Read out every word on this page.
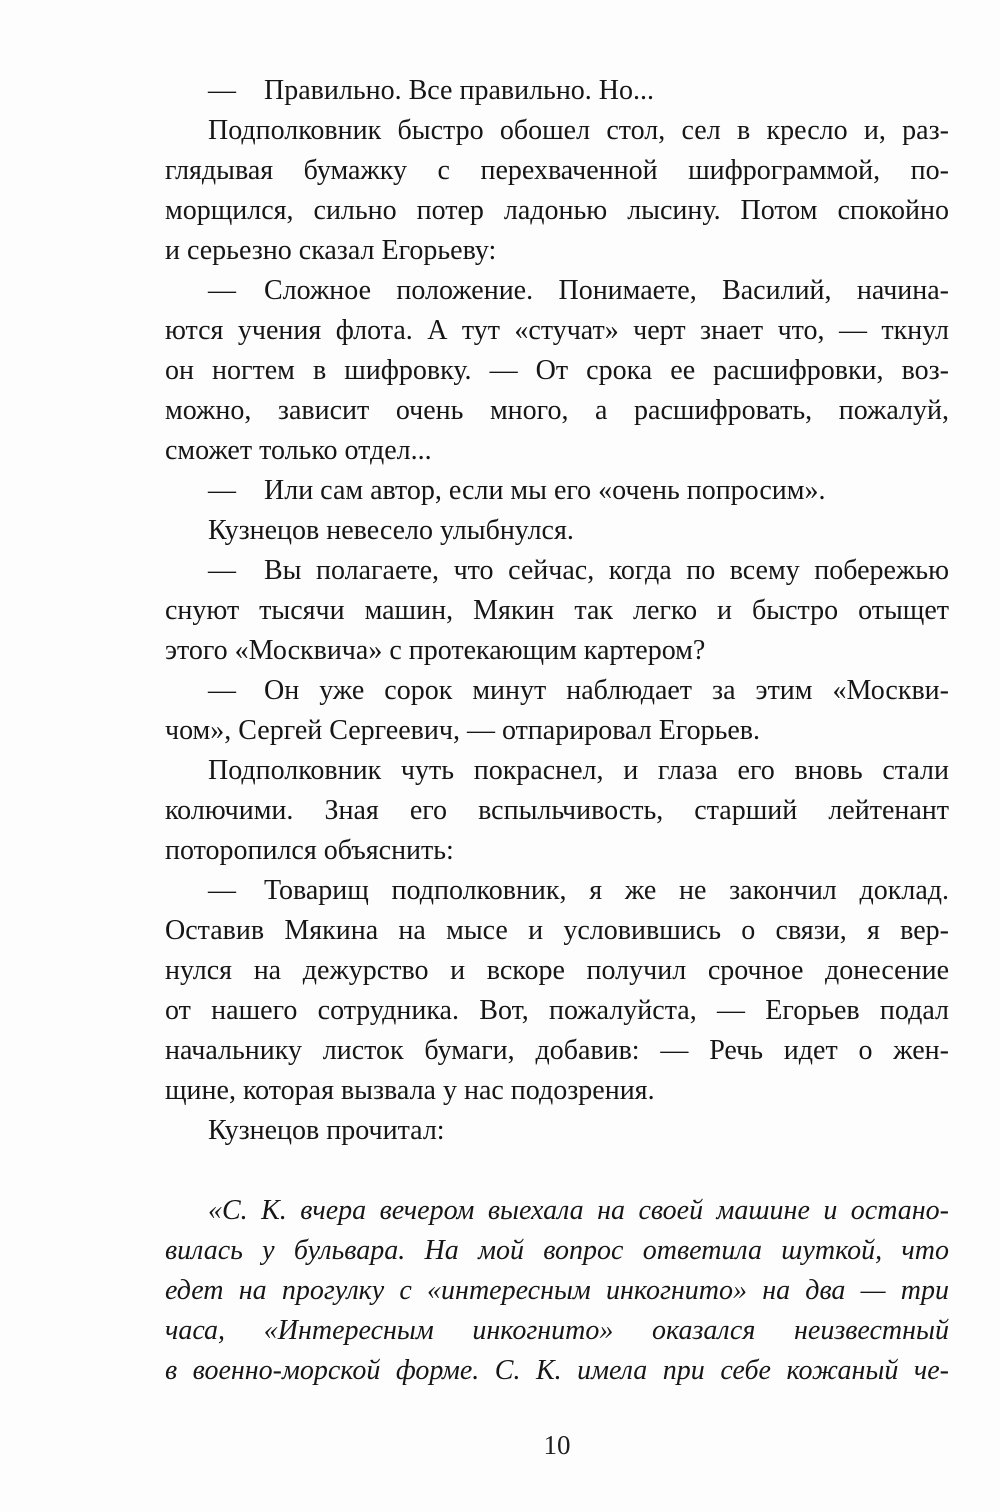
— Правильно. Все правильно. Но...
Подполковник быстро обошел стол, сел в кресло и, раз-
глядывая бумажку с перехваченной шифрограммой, по-
морщился, сильно потер ладонью лысину. Потом спокойно
и серьезно сказал Егорьеву:
— Сложное положение. Понимаете, Василий, начина-
ются учения флота. А тут «стучат» черт знает что, — ткнул
он ногтем в шифровку. — От срока ее расшифровки, воз-
можно, зависит очень много, а расшифровать, пожалуй,
сможет только отдел...
— Или сам автор, если мы его «очень попросим».
Кузнецов невесело улыбнулся.
— Вы полагаете, что сейчас, когда по всему побережью
снуют тысячи машин, Мякин так легко и быстро отыщет
этого «Москвича» с протекающим картером?
— Он уже сорок минут наблюдает за этим «Москви-
чом», Сергей Сергеевич, — отпарировал Егорьев.
Подполковник чуть покраснел, и глаза его вновь стали
колючими. Зная его вспыльчивость, старший лейтенант
поторопился объяснить:
— Товарищ подполковник, я же не закончил доклад.
Оставив Мякина на мысе и условившись о связи, я вер-
нулся на дежурство и вскоре получил срочное донесение
от нашего сотрудника. Вот, пожалуйста, — Егорьев подал
начальнику листок бумаги, добавив: — Речь идет о жен-
щине, которая вызвала у нас подозрения.
Кузнецов прочитал:
«С. К. вчера вечером выехала на своей машине и остано-
вилась у бульвара. На мой вопрос ответила шуткой, что
едет на прогулку с «интересным инкогнито» на два — три
часа, «Интересным инкогнито» оказался неизвестный
в военно-морской форме. С. К. имела при себе кожаный че-
10
